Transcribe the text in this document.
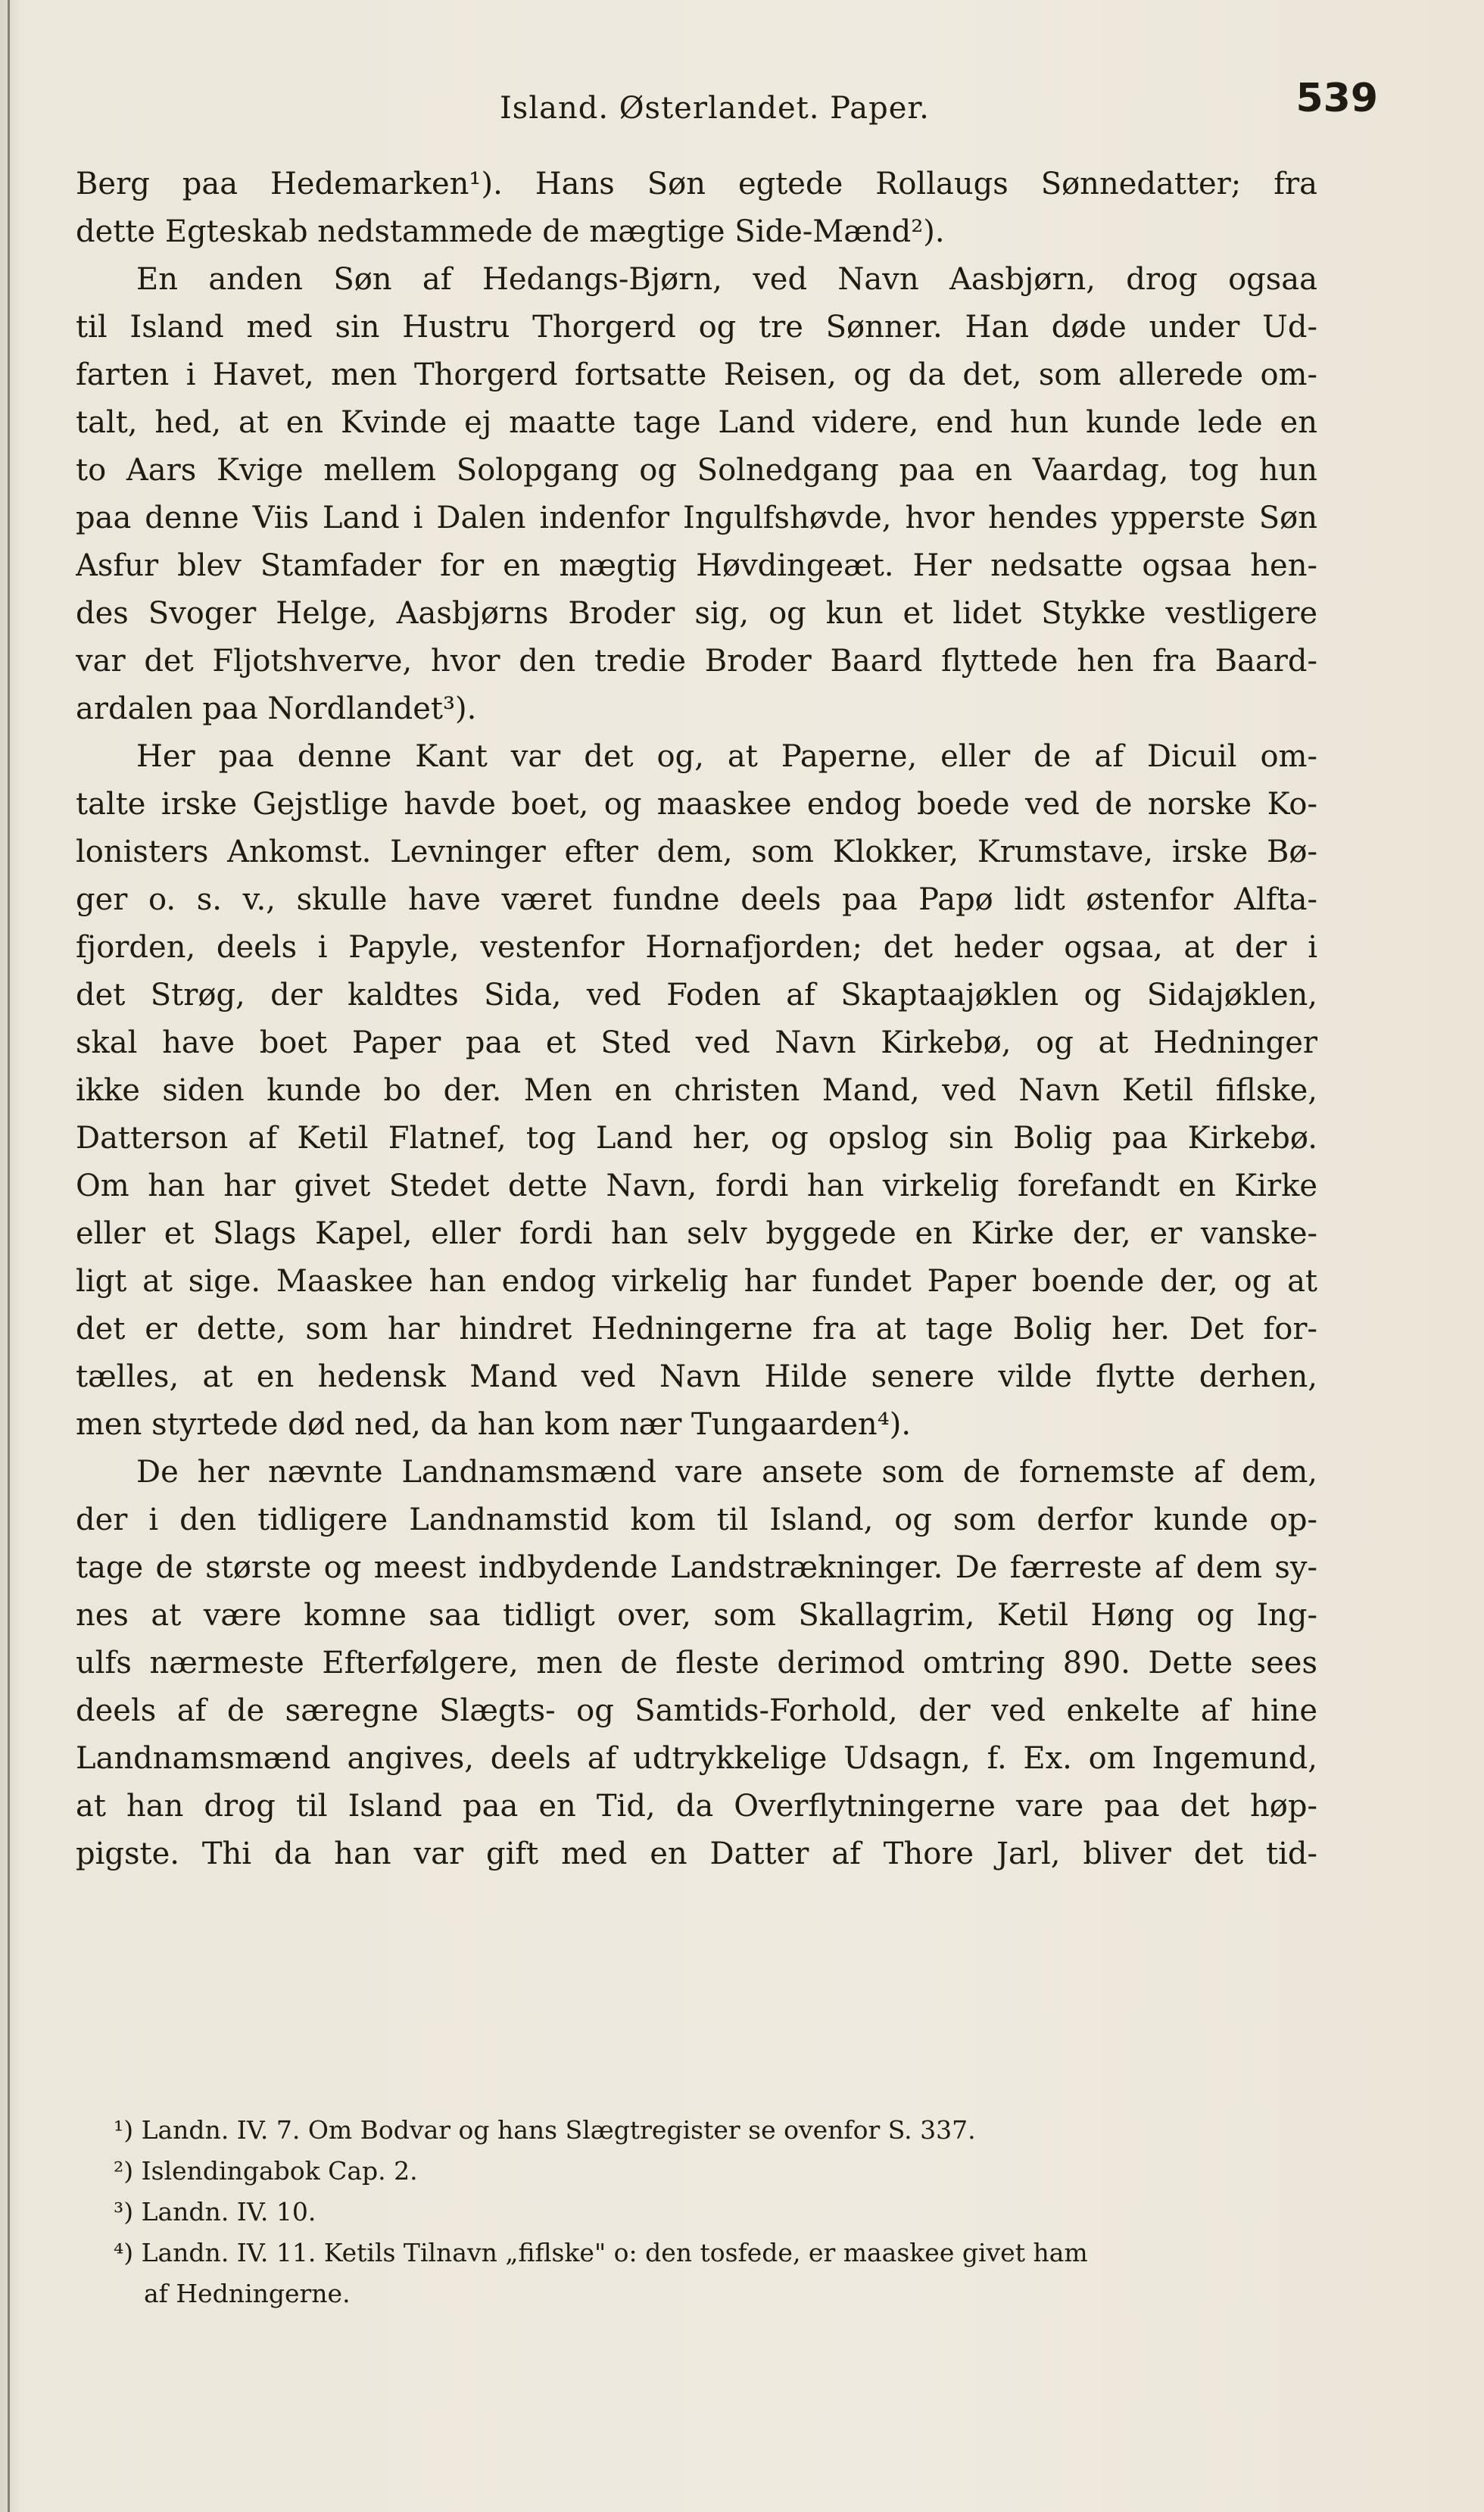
Island. Østerlandet. Paper.	539
Berg paa Hedemarken¹). Hans Søn egtede Rollaugs Sønnedatter; fra
dette Egteskab nedstammede de mægtige Side-Mænd²).
En anden Søn af Hedangs-Bjørn, ved Navn Aasbjørn, drog ogsaa
til Island med sin Hustru Thorgerd og tre Sønner. Han døde under Ud-
farten i Havet, men Thorgerd fortsatte Reisen, og da det, som allerede om-
talt, hed, at en Kvinde ej maatte tage Land videre, end hun kunde lede en
to Aars Kvige mellem Solopgang og Solnedgang paa en Vaardag, tog hun
paa denne Viis Land i Dalen indenfor Ingulfshøvde, hvor hendes ypperste Søn
Asfur blev Stamfader for en mægtig Høvdingeæt. Her nedsatte ogsaa hen-
des Svoger Helge, Aasbjørns Broder sig, og kun et lidet Stykke vestligere
var det Fljotshverve, hvor den tredie Broder Baard flyttede hen fra Baard-
ardalen paa Nordlandet³).
Her paa denne Kant var det og, at Paperne, eller de af Dicuil om-
talte irske Gejstlige havde boet, og maaskee endog boede ved de norske Ko-
lonisters Ankomst. Levninger efter dem, som Klokker, Krumstave, irske Bø-
ger o. s. v., skulle have været fundne deels paa Papø lidt østenfor Alfta-
fjorden, deels i Papyle, vestenfor Hornafjorden; det heder ogsaa, at der i
det Strøg, der kaldtes Sida, ved Foden af Skaptaajøklen og Sidajøklen,
skal have boet Paper paa et Sted ved Navn Kirkebø, og at Hedninger
ikke siden kunde bo der. Men en christen Mand, ved Navn Ketil fiflske,
Datterson af Ketil Flatnef, tog Land her, og opslog sin Bolig paa Kirkebø.
Om han har givet Stedet dette Navn, fordi han virkelig forefandt en Kirke
eller et Slags Kapel, eller fordi han selv byggede en Kirke der, er vanske-
ligt at sige. Maaskee han endog virkelig har fundet Paper boende der, og at
det er dette, som har hindret Hedningerne fra at tage Bolig her. Det for-
tælles, at en hedensk Mand ved Navn Hilde senere vilde flytte derhen,
men styrtede død ned, da han kom nær Tungaarden⁴).
De her nævnte Landnamsmænd vare ansete som de fornemste af dem,
der i den tidligere Landnamstid kom til Island, og som derfor kunde op-
tage de største og meest indbydende Landstrækninger. De færreste af dem sy-
nes at være komne saa tidligt over, som Skallagrim, Ketil Høng og Ing-
ulfs nærmeste Efterfølgere, men de fleste derimod omtring 890. Dette sees
deels af de særegne Slægts- og Samtids-Forhold, der ved enkelte af hine
Landnamsmænd angives, deels af udtrykkelige Udsagn, f. Ex. om Ingemund,
at han drog til Island paa en Tid, da Overflytningerne vare paa det høp-
pigste. Thi da han var gift med en Datter af Thore Jarl, bliver det tid-
¹) Landn. IV. 7. Om Bodvar og hans Slægtregister se ovenfor S. 337.
²) Islendingabok Cap. 2.
³) Landn. IV. 10.
⁴) Landn. IV. 11. Ketils Tilnavn „fiflske" o: den tosfede, er maaskee givet ham
af Hedningerne.
